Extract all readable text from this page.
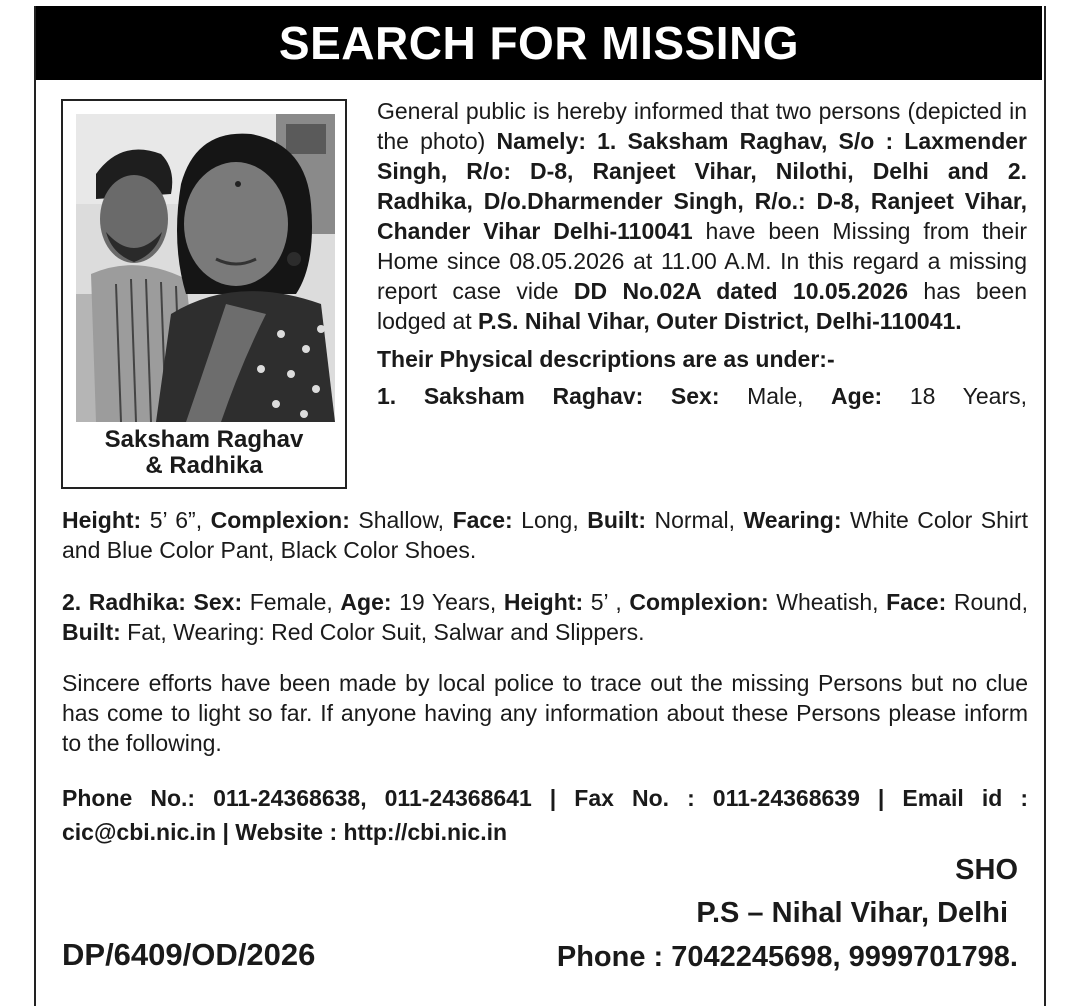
SEARCH FOR MISSING
Saksham Raghav
& Radhika

General public is hereby informed that two persons (depicted in the photo) Namely: 1. Saksham Raghav, S/o : Laxmender Singh, R/o: D-8, Ranjeet Vihar, Nilothi, Delhi and 2. Radhika, D/o.Dharmender Singh, R/o.: D-8, Ranjeet Vihar, Chander Vihar Delhi-110041 have been Missing from their Home since 08.05.2026 at 11.00 A.M. In this regard a missing report case vide DD No.02A dated 10.05.2026 has been lodged at P.S. Nihal Vihar, Outer District, Delhi-110041.

Their Physical descriptions are as under:-

1. Saksham Raghav: Sex: Male, Age: 18 Years,

Height: 5’ 6”, Complexion: Shallow, Face: Long, Built: Normal, Wearing: White Color Shirt and Blue Color Pant, Black Color Shoes.

2. Radhika: Sex: Female, Age: 19 Years, Height: 5’ , Complexion: Wheatish, Face: Round, Built: Fat, Wearing: Red Color Suit, Salwar and Slippers.

Sincere efforts have been made by local police to trace out the missing Persons but no clue has come to light so far. If anyone having any information about these Persons please inform to the following.
Phone No.: 011-24368638, 011-24368641 | Fax No. : 011-24368639 | Email id : cic@cbi.nic.in | Website : http://cbi.nic.in
SHO
P.S – Nihal Vihar, Delhi
Phone : 7042245698, 9999701798.
DP/6409/OD/2026
